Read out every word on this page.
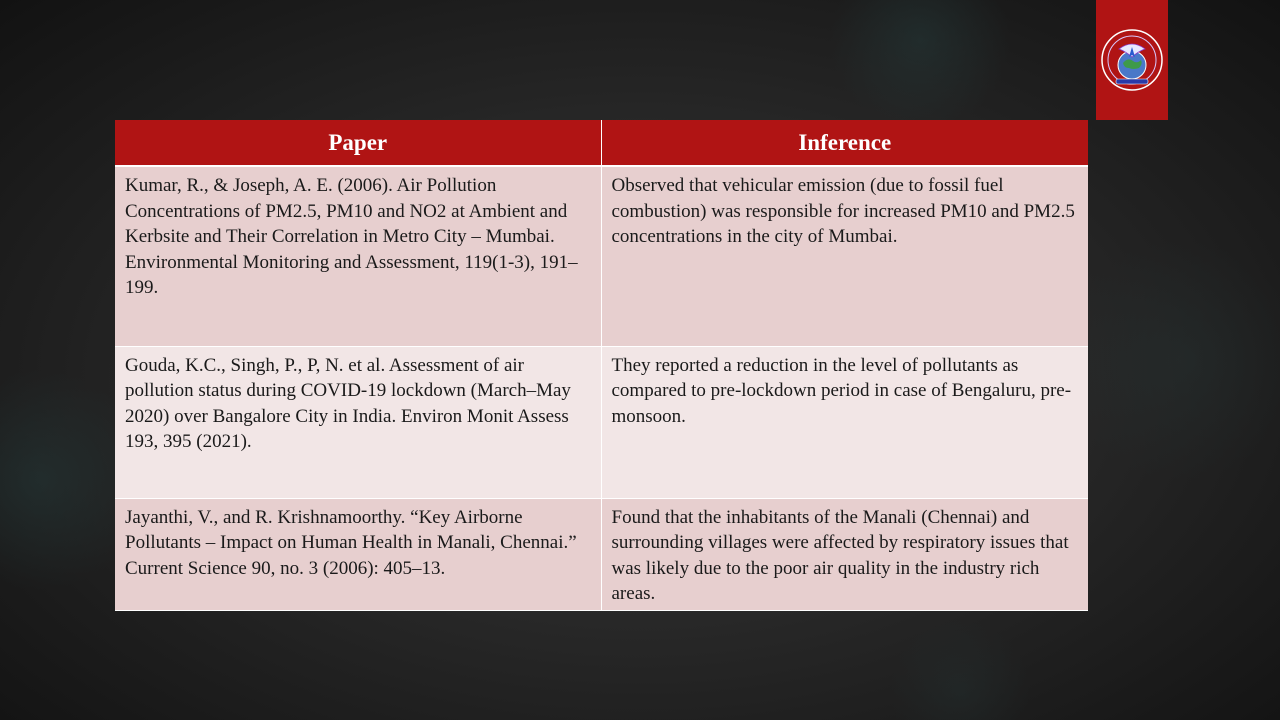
Paper	Inference
Kumar, R., & Joseph, A. E. (2006). Air Pollution Concentrations of PM2.5, PM10 and NO2 at Ambient and Kerbsite and Their Correlation in Metro City – Mumbai. Environmental Monitoring and Assessment, 119(1-3), 191–199.	Observed that vehicular emission (due to fossil fuel combustion) was responsible for increased PM10 and PM2.5 concentrations in the city of Mumbai.
Gouda, K.C., Singh, P., P, N. et al. Assessment of air pollution status during COVID-19 lockdown (March–May 2020) over Bangalore City in India. Environ Monit Assess 193, 395 (2021).	They reported a reduction in the level of pollutants as compared to pre-lockdown period in case of Bengaluru, pre-monsoon.
Jayanthi, V., and R. Krishnamoorthy. “Key Airborne Pollutants – Impact on Human Health in Manali, Chennai.” Current Science 90, no. 3 (2006): 405–13.	Found that the inhabitants of the Manali (Chennai) and surrounding villages were affected by respiratory issues that was likely due to the poor air quality in the industry rich areas.
